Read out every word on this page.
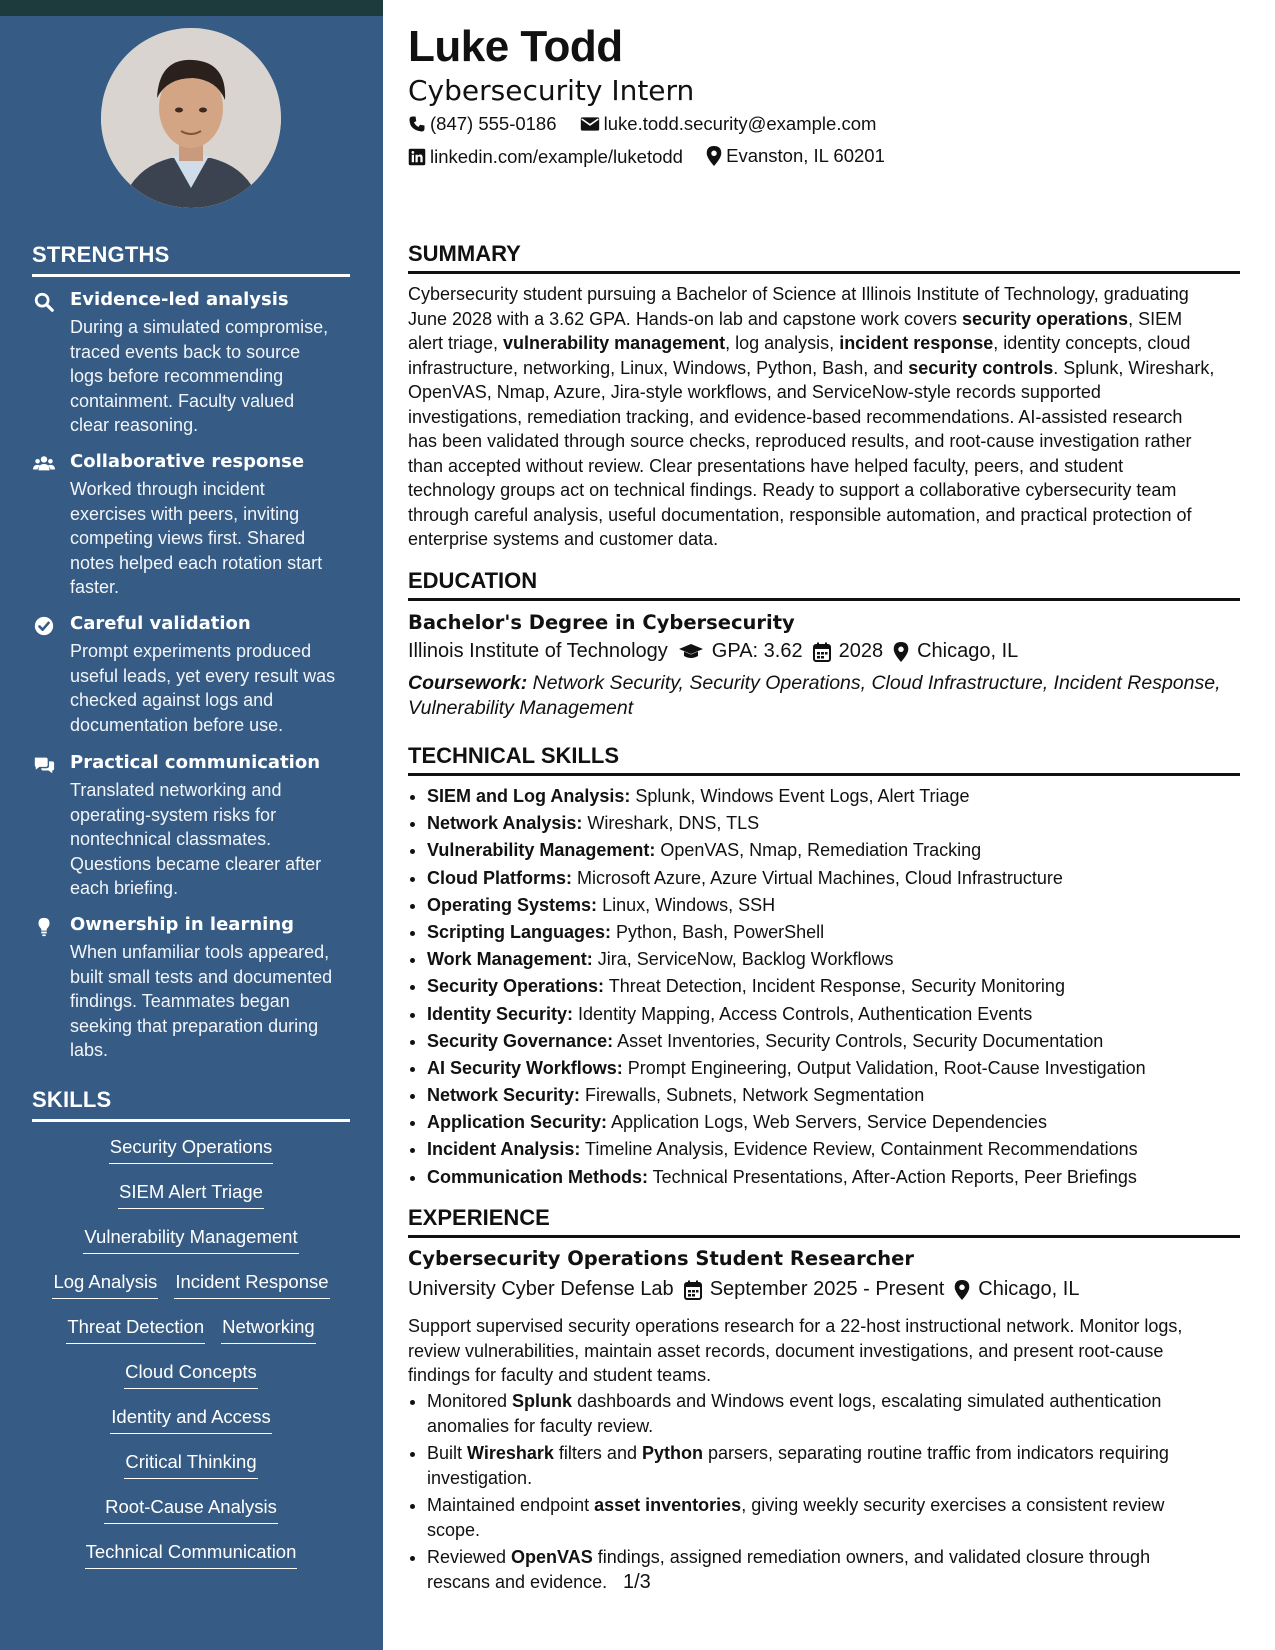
STRENGTHS
Evidence-led analysis
During a simulated compromise,
traced events back to source
logs before recommending
containment. Faculty valued
clear reasoning.
Collaborative response
Worked through incident
exercises with peers, inviting
competing views first. Shared
notes helped each rotation start
faster.
Careful validation
Prompt experiments produced
useful leads, yet every result was
checked against logs and
documentation before use.
Practical communication
Translated networking and
operating-system risks for
nontechnical classmates.
Questions became clearer after
each briefing.
Ownership in learning
When unfamiliar tools appeared,
built small tests and documented
findings. Teammates began
seeking that preparation during
labs.
SKILLS
Security Operations
SIEM Alert Triage
Vulnerability Management
Log Analysis Incident Response
Threat Detection Networking
Cloud Concepts
Identity and Access
Critical Thinking
Root-Cause Analysis
Technical Communication
Luke Todd
Cybersecurity Intern
(847) 555-0186
	luke.todd.security@example.com
linkedin.com/example/luketodd
Evanston, IL 60201
SUMMARY
Cybersecurity student pursuing a Bachelor of Science at Illinois Institute of Technology, graduating
June 2028 with a 3.62 GPA. Hands-on lab and capstone work covers security operations, SIEM
alert triage, vulnerability management, log analysis, incident response, identity concepts, cloud
infrastructure, networking, Linux, Windows, Python, Bash, and security controls. Splunk, Wireshark,
OpenVAS, Nmap, Azure, Jira-style workflows, and ServiceNow-style records supported
investigations, remediation tracking, and evidence-based recommendations. AI-assisted research
has been validated through source checks, reproduced results, and root-cause investigation rather
than accepted without review. Clear presentations have helped faculty, peers, and student
technology groups act on technical findings. Ready to support a collaborative cybersecurity team
through careful analysis, useful documentation, responsible automation, and practical protection of
enterprise systems and customer data.
EDUCATION
Bachelor's Degree in Cybersecurity
Illinois Institute of Technology GPA: 3.62 2028 Chicago, IL
Coursework: Network Security, Security Operations, Cloud Infrastructure, Incident Response,
Vulnerability Management
TECHNICAL SKILLS
• SIEM and Log Analysis: Splunk, Windows Event Logs, Alert Triage
• Network Analysis: Wireshark, DNS, TLS
• Vulnerability Management: OpenVAS, Nmap, Remediation Tracking
• Cloud Platforms: Microsoft Azure, Azure Virtual Machines, Cloud Infrastructure
• Operating Systems: Linux, Windows, SSH
• Scripting Languages: Python, Bash, PowerShell
• Work Management: Jira, ServiceNow, Backlog Workflows
• Security Operations: Threat Detection, Incident Response, Security Monitoring
• Identity Security: Identity Mapping, Access Controls, Authentication Events
• Security Governance: Asset Inventories, Security Controls, Security Documentation
• AI Security Workflows: Prompt Engineering, Output Validation, Root-Cause Investigation
• Network Security: Firewalls, Subnets, Network Segmentation
• Application Security: Application Logs, Web Servers, Service Dependencies
• Incident Analysis: Timeline Analysis, Evidence Review, Containment Recommendations
• Communication Methods: Technical Presentations, After-Action Reports, Peer Briefings
EXPERIENCE
Cybersecurity Operations Student Researcher
University Cyber Defense Lab September 2025 - Present Chicago, IL
Support supervised security operations research for a 22-host instructional network. Monitor logs,
review vulnerabilities, maintain asset records, document investigations, and present root-cause
findings for faculty and student teams.
• Monitored Splunk dashboards and Windows event logs, escalating simulated authentication
anomalies for faculty review.
• Built Wireshark filters and Python parsers, separating routine traffic from indicators requiring
investigation.
• Maintained endpoint asset inventories, giving weekly security exercises a consistent review
scope.
• Reviewed OpenVAS findings, assigned remediation owners, and validated closure through
rescans and evidence. 1/3
